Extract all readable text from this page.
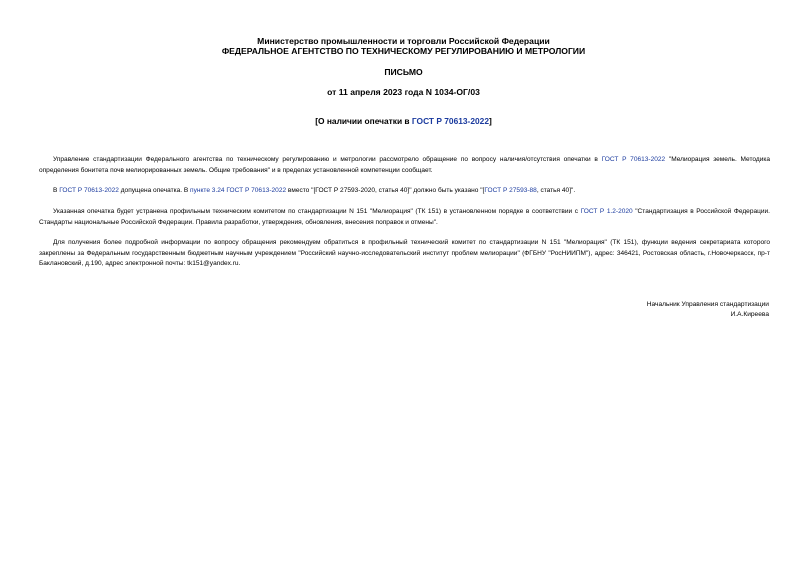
Министерство промышленности и торговли Российской Федерации
ФЕДЕРАЛЬНОЕ АГЕНТСТВО ПО ТЕХНИЧЕСКОМУ РЕГУЛИРОВАНИЮ И МЕТРОЛОГИИ
ПИСЬМО
от 11 апреля 2023 года N 1034-ОГ/03
[О наличии опечатки в ГОСТ Р 70613-2022]

Управление стандартизации Федерального агентства по техническому регулированию и метрологии рассмотрело обращение по вопросу наличия/отсутствия опечатки в ГОСТ Р 70613-2022 "Мелиорация земель. Методика определения бонитета почв мелиорированных земель. Общие требования" и в пределах установленной компетенции сообщает.

В ГОСТ Р 70613-2022 допущена опечатка. В пункте 3.24 ГОСТ Р 70613-2022 вместо "[ГОСТ Р 27593-2020, статья 40]" должно быть указано "[ГОСТ Р 27593-88, статья 40]".

Указанная опечатка будет устранена профильным техническим комитетом по стандартизации N 151 "Мелиорация" (ТК 151) в установленном порядке в соответствии с ГОСТ Р 1.2-2020 "Стандартизация в Российской Федерации. Стандарты национальные Российской Федерации. Правила разработки, утверждения, обновления, внесения поправок и отмены".

Для получения более подробной информации по вопросу обращения рекомендуем обратиться в профильный технический комитет по стандартизации N 151 "Мелиорация" (ТК 151), функции ведения секретариата которого закреплены за Федеральным государственным бюджетным научным учреждением "Российский научно-исследовательский институт проблем мелиорации" (ФГБНУ "РосНИИПМ"), адрес: 346421, Ростовская область, г.Новочеркасск, пр-т Баклановский, д.190, адрес электронной почты: tk151@yandex.ru.

Начальник Управления стандартизации
И.А.Киреева
